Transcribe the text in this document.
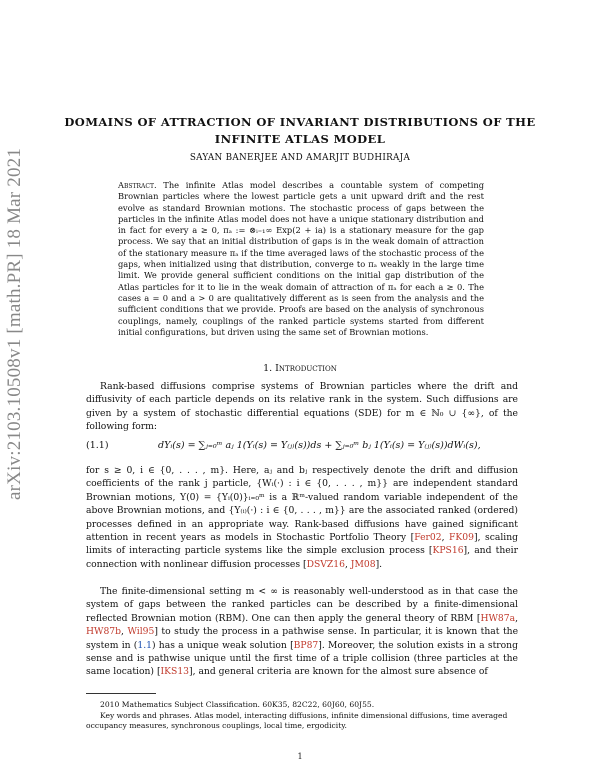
arXiv:2103.10508v1 [math.PR] 18 Mar 2021
DOMAINS OF ATTRACTION OF INVARIANT DISTRIBUTIONS OF THE
INFINITE ATLAS MODEL
SAYAN BANERJEE AND AMARJIT BUDHIRAJA
Abstract. The infinite Atlas model describes a countable system of competing Brownian particles where the lowest particle gets a unit upward drift and the rest evolve as standard Brownian motions. The stochastic process of gaps between the particles in the infinite Atlas model does not have a unique stationary distribution and in fact for every a ≥ 0, πₐ := ⊗ᵢ₌₁∞ Exp(2 + ia) is a stationary measure for the gap process. We say that an initial distribution of gaps is in the weak domain of attraction of the stationary measure πₐ if the time averaged laws of the stochastic process of the gaps, when initialized using that distribution, converge to πₐ weakly in the large time limit. We provide general sufficient conditions on the initial gap distribution of the Atlas particles for it to lie in the weak domain of attraction of πₐ for each a ≥ 0. The cases a = 0 and a > 0 are qualitatively different as is seen from the analysis and the sufficient conditions that we provide. Proofs are based on the analysis of synchronous couplings, namely, couplings of the ranked particle systems started from different initial configurations, but driven using the same set of Brownian motions.
1. Introduction

Rank-based diffusions comprise systems of Brownian particles where the drift and diffusivity of each particle depends on its relative rank in the system. Such diffusions are given by a system of stochastic differential equations (SDE) for m ∈ ℕ₀ ∪ {∞}, of the following form:

(1.1)	dYᵢ(s) = ∑ⱼ₌₀ᵐ aⱼ 1(Yᵢ(s) = Y₍ⱼ₎(s))ds + ∑ⱼ₌₀ᵐ bⱼ 1(Yᵢ(s) = Y₍ⱼ₎(s))dWᵢ(s),

for s ≥ 0, i ∈ {0, . . . , m}. Here, aⱼ and bⱼ respectively denote the drift and diffusion coefficients of the rank j particle, {Wᵢ(·) : i ∈ {0, . . . , m}} are independent standard Brownian motions, Y(0) = {Yᵢ(0)}ᵢ₌₀ᵐ is a ℝᵐ-valued random variable independent of the above Brownian motions, and {Y₍ᵢ₎(·) : i ∈ {0, . . . , m}} are the associated ranked (ordered) processes defined in an appropriate way. Rank-based diffusions have gained significant attention in recent years as models in Stochastic Portfolio Theory [Fer02, FK09], scaling limits of interacting particle systems like the simple exclusion process [KPS16], and their connection with nonlinear diffusion processes [DSVZ16, JM08].

The finite-dimensional setting m < ∞ is reasonably well-understood as in that case the system of gaps between the ranked particles can be described by a finite-dimensional reflected Brownian motion (RBM). One can then apply the general theory of RBM [HW87a, HW87b, Wil95] to study the process in a pathwise sense. In particular, it is known that the system in (1.1) has a unique weak solution [BP87]. Moreover, the solution exists in a strong sense and is pathwise unique until the first time of a triple collision (three particles at the same location) [IKS13], and general criteria are known for the almost sure absence of

2010 Mathematics Subject Classification. 60K35, 82C22, 60J60, 60J55.
Key words and phrases. Atlas model, interacting diffusions, infinite dimensional diffusions, time averaged occupancy measures, synchronous couplings, local time, ergodicity.
1
